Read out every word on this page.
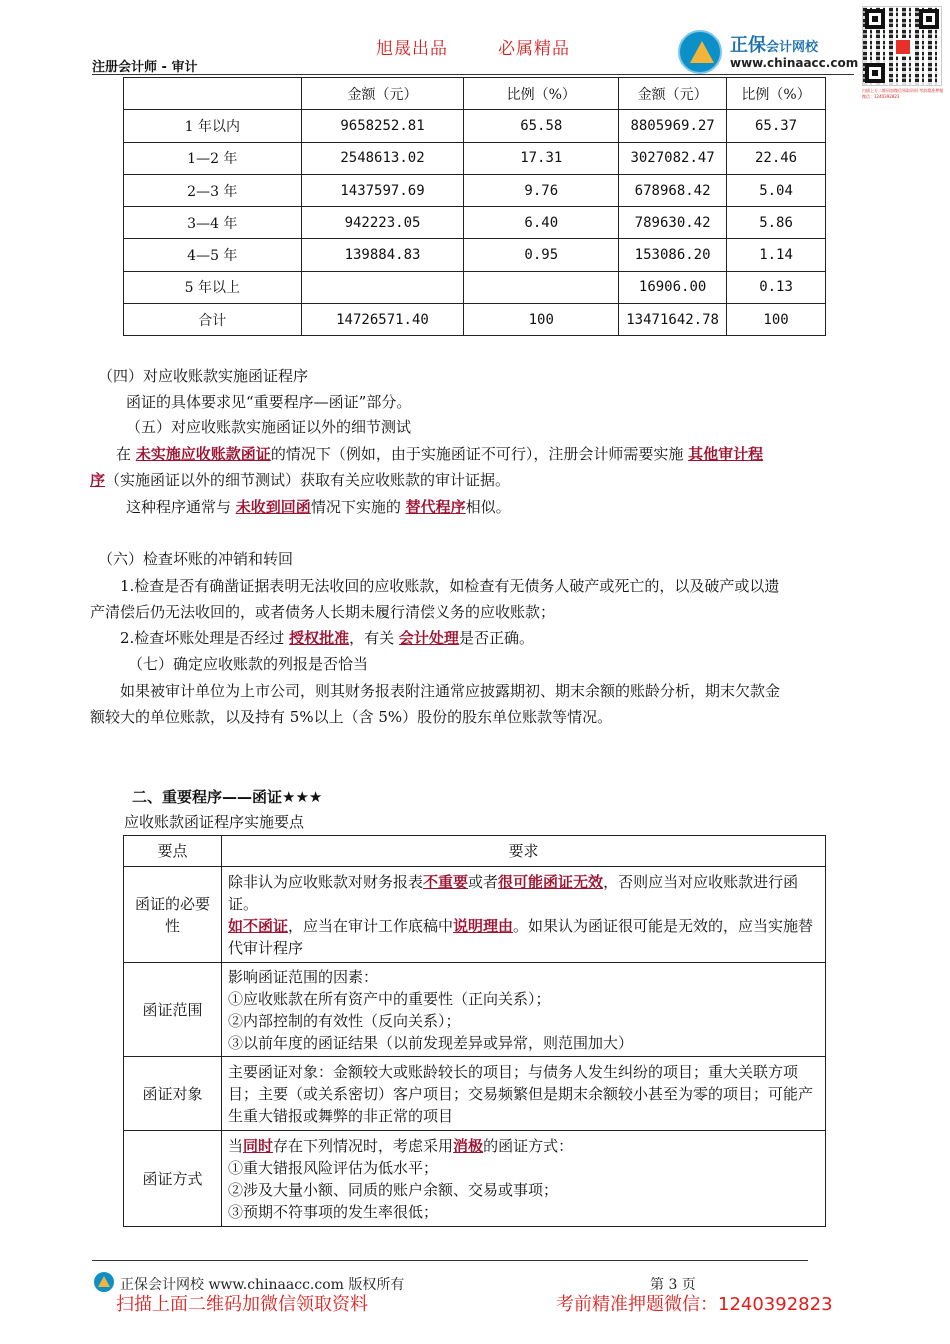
旭晟出品	必属精品
注册会计师 - 审计
正保会计网校
www.chinaacc.com
扫描上方二维码加微信领取资料 考前精准押题微信：1240392823
	金额（元）	比例（%）	金额（元）	比例（%）
1 年以内	9658252.81	65.58	8805969.27	65.37
1—2 年	2548613.02	17.31	3027082.47	22.46
2—3 年	1437597.69	9.76	678968.42	5.04
3—4 年	942223.05	6.40	789630.42	5.86
4—5 年	139884.83	0.95	153086.20	1.14
5 年以上			16906.00	0.13
合计	14726571.40	100	13471642.78	100
（四）对应收账款实施函证程序
函证的具体要求见“重要程序—函证”部分。
（五）对应收账款实施函证以外的细节测试
在 未实施应收账款函证的情况下（例如，由于实施函证不可行），注册会计师需要实施 其他审计程
序（实施函证以外的细节测试）获取有关应收账款的审计证据。
这种程序通常与 未收到回函情况下实施的 替代程序相似。
（六）检查坏账的冲销和转回
1.检查是否有确凿证据表明无法收回的应收账款，如检查有无债务人破产或死亡的，以及破产或以遗
产清偿后仍无法收回的，或者债务人长期未履行清偿义务的应收账款；
2.检查坏账处理是否经过 授权批准，有关 会计处理是否正确。
（七）确定应收账款的列报是否恰当
如果被审计单位为上市公司，则其财务报表附注通常应披露期初、期末余额的账龄分析，期末欠款金
额较大的单位账款，以及持有 5%以上（含 5%）股份的股东单位账款等情况。
二、重要程序——函证★★★
应收账款函证程序实施要点
要点	要求
函证的必要性	除非认为应收账款对财务报表不重要或者很可能函证无效，否则应当对应收账款进行函证。
如不函证，应当在审计工作底稿中说明理由。如果认为函证很可能是无效的，应当实施替代审计程序
函证范围	影响函证范围的因素：
①应收账款在所有资产中的重要性（正向关系）；
②内部控制的有效性（反向关系）；
③以前年度的函证结果（以前发现差异或异常，则范围加大）

函证对象	主要函证对象：金额较大或账龄较长的项目；与债务人发生纠纷的项目；重大关联方项目；主要（或关系密切）客户项目；交易频繁但是期末余额较小甚至为零的项目；可能产生重大错报或舞弊的非正常的项目
函证方式	当同时存在下列情况时，考虑采用消极的函证方式：
①重大错报风险评估为低水平；
②涉及大量小额、同质的账户余额、交易或事项；
③预期不符事项的发生率很低；
正保会计网校 www.chinaacc.com 版权所有	第 3 页
扫描上面二维码加微信领取资料	考前精准押题微信：1240392823
